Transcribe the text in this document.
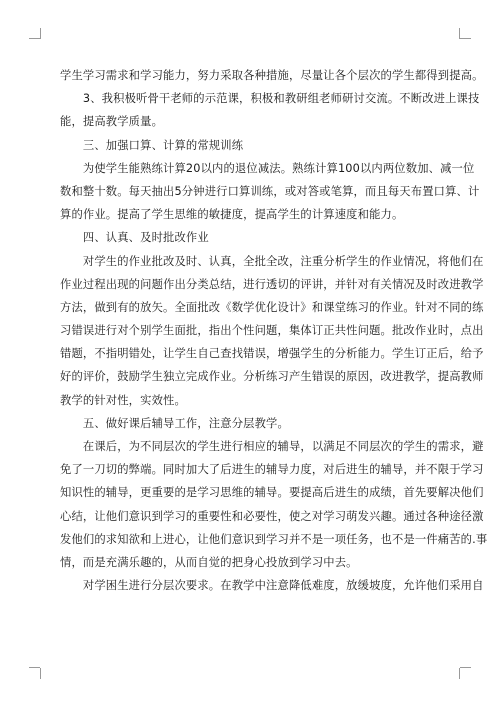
学生学习需求和学习能力，努力采取各种措施，尽量让各个层次的学生都得到提高。
　　3、我积极听骨干老师的示范课，积极和教研组老师研讨交流。不断改进上课技
能，提高教学质量。
　　三、加强口算、计算的常规训练
　　为使学生能熟练计算20以内的退位减法。熟练计算100以内两位数加、减一位
数和整十数。每天抽出5分钟进行口算训练，或对答或笔算，而且每天布置口算、计
算的作业。提高了学生思维的敏捷度，提高学生的计算速度和能力。
　　四、认真、及时批改作业
　　对学生的作业批改及时、认真，全批全改，注重分析学生的作业情况，将他们在
作业过程出现的问题作出分类总结，进行透切的评讲，并针对有关情况及时改进教学
方法，做到有的放矢。全面批改《数学优化设计》和课堂练习的作业。针对不同的练
习错误进行对个别学生面批，指出个性问题，集体订正共性问题。批改作业时，点出
错题，不指明错处，让学生自己查找错误，增强学生的分析能力。学生订正后，给予
好的评价，鼓励学生独立完成作业。分析练习产生错误的原因，改进教学，提高教师
教学的针对性，实效性。
　　五、做好课后辅导工作，注意分层教学。
　　在课后，为不同层次的学生进行相应的辅导，以满足不同层次的学生的需求，避
免了一刀切的弊端。同时加大了后进生的辅导力度，对后进生的辅导，并不限于学习
知识性的辅导，更重要的是学习思维的辅导。要提高后进生的成绩，首先要解决他们
心结，让他们意识到学习的重要性和必要性，使之对学习萌发兴趣。通过各种途径激
发他们的求知欲和上进心，让他们意识到学习并不是一项任务，也不是一件痛苦的.事
情，而是充满乐趣的，从而自觉的把身心投放到学习中去。
　　对学困生进行分层次要求。在教学中注意降低难度，放缓坡度，允许他们采用自
